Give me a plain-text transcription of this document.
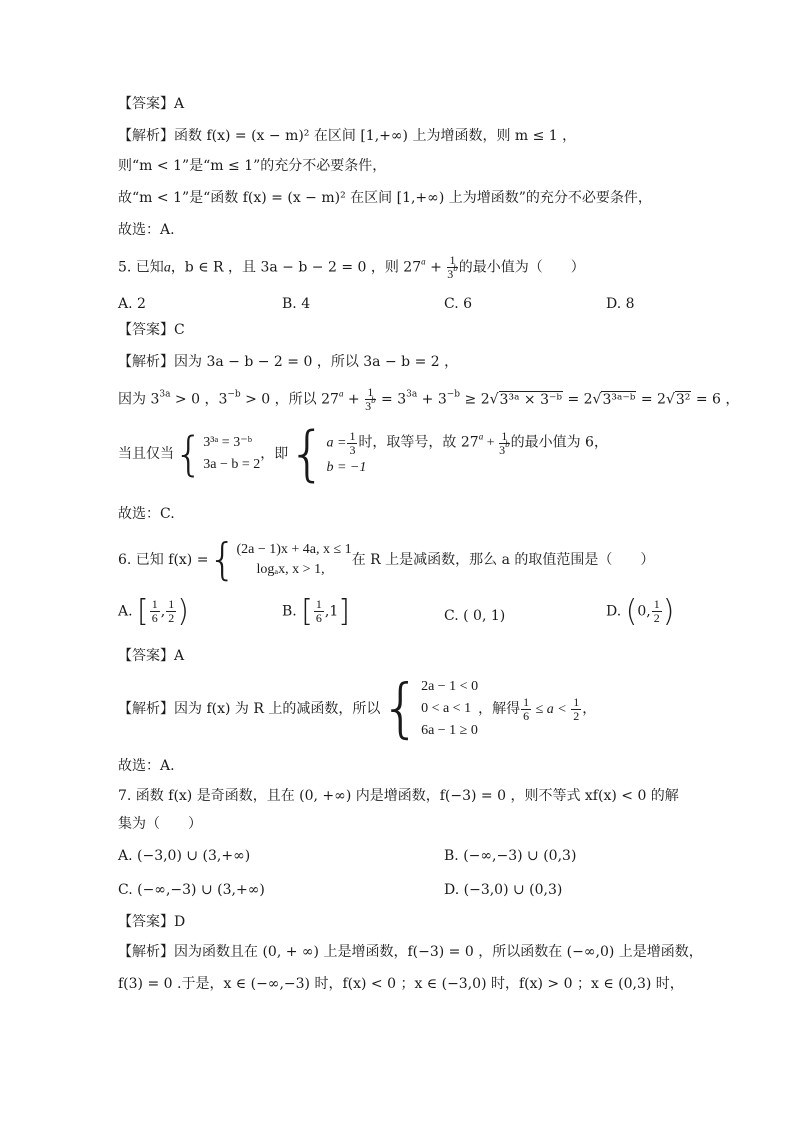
【答案】A
【解析】函数 f(x) = (x − m)² 在区间 [1,+∞) 上为增函数，则 m ≤ 1 ，
则“m < 1”是“m ≤ 1”的充分不必要条件，
故“m < 1”是“函数 f(x) = (x − m)² 在区间 [1,+∞) 上为增函数”的充分不必要条件，
故选：A.
5. 已知a，b ∈ R ，且 3a − b − 2 = 0 ，则 $27^a + \frac{1}{3^b}$ 的最小值为（　　）
A. 2	B. 4	C. 6	D. 8
【答案】C
【解析】因为 3a − b − 2 = 0 ，所以 3a − b = 2 ，
因为 $3^{3a} > 0$ ，$3^{-b} > 0$ ，所以 $27^a + \frac{1}{3^b} = 3^{3a} + 3^{-b}$ ≥ 2√3³ᵃ × 3⁻ᵇ = 2√3³ᵃ⁻ᵇ = 2√3² = 6 ，
当且仅当{ 3³ᵃ = 3⁻ᵇ
3a − b = 2
，即{ $a = \frac{1}{3}$ 时，取等号，故 $27^a + \frac{1}{3^b}$ 的最小值为 6，
b = −1
故选：C.
6. 已知 f(x) ={ (2a − 1)x + 4a, x ≤ 1
logₐx, x > 1,
在 R 上是减函数，那么 a 的取值范围是（　　）
A. [ $\frac{1}{6}$ , $\frac{1}{2}$ )	B. [ $\frac{1}{6} ,1$]	C. ( 0, 1)	D. (0, $\frac{1}{2}$ )
【答案】A
【解析】因为 f(x) 为 R 上的减函数，所以{ 2a − 1 < 0
0 < a < 1
6a − 1 ≥ 0
，解得 $\frac{1}{6} \le a < \frac{1}{2}$ ，
故选：A.
7. 函数 f(x) 是奇函数，且在 (0, +∞) 内是增函数，f(−3) = 0 ，则不等式 xf(x) < 0 的解
集为（　　）
A. (−3,0) ∪ (3,+∞)	B. (−∞,−3) ∪ (0,3)
C. (−∞,−3) ∪ (3,+∞)	D. (−3,0) ∪ (0,3)
【答案】D
【解析】因为函数且在 (0, + ∞) 上是增函数，f(−3) = 0 ，所以函数在 (−∞,0) 上是增函数，
f(3) = 0 .于是，x ∈ (−∞,−3) 时，f(x) < 0 ；x ∈ (−3,0) 时，f(x) > 0 ；x ∈ (0,3) 时，
